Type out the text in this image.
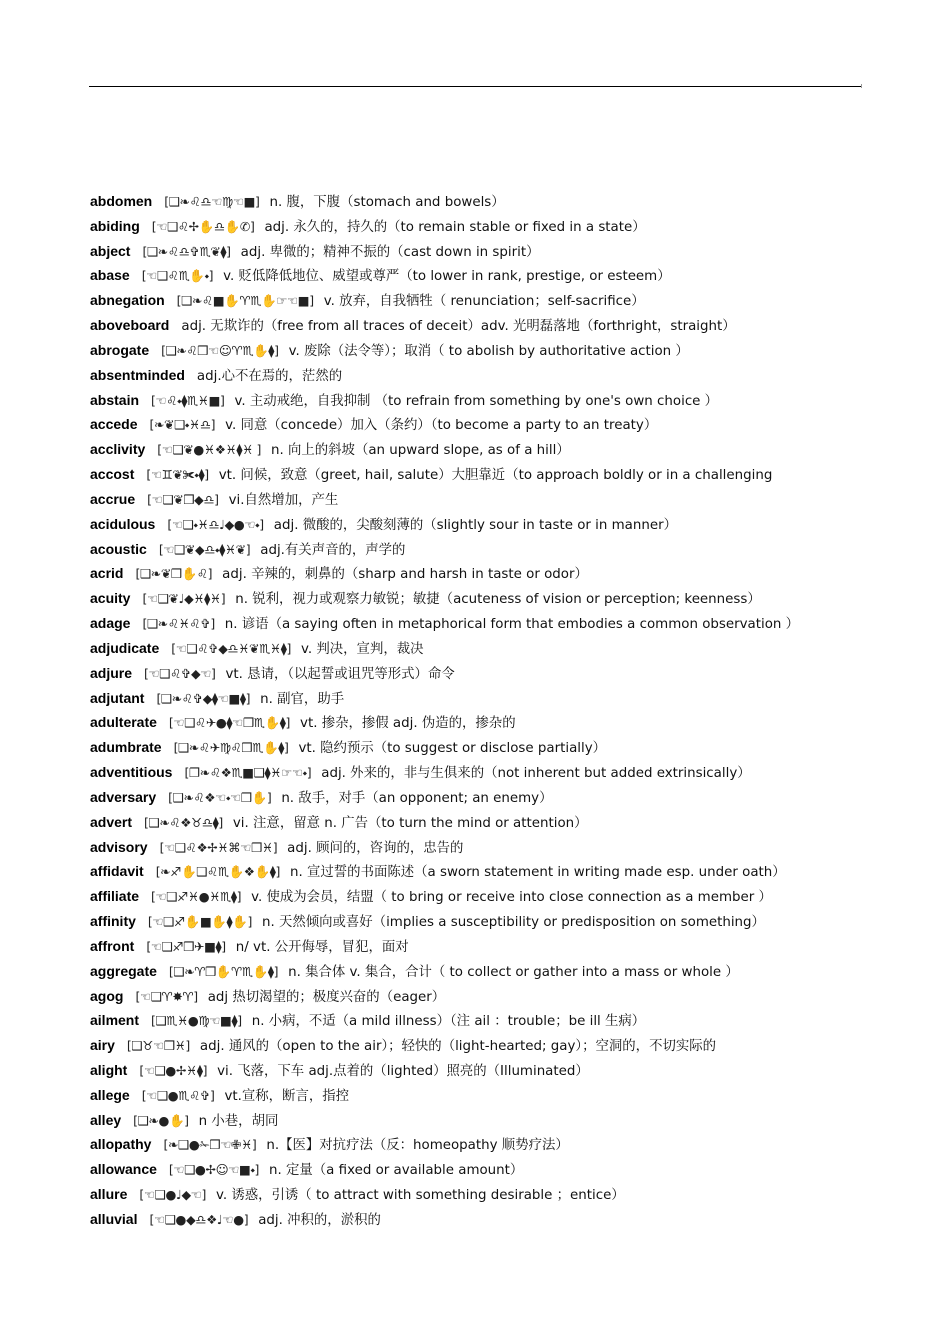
abdomen [❑❧♌♎☜♍☜■] n. 腹，下腹（stomach and bowels）
abiding [☜❑♌✢✋♎✋✆] adj. 永久的，持久的（to remain stable or fixed in a state）
abject [❑❧♌♎✞♏❦⧫] adj. 卑微的；精神不振的（cast down in spirit）
abase [☜❑♌♏✋⬩] v. 贬低降低地位、威望或尊严（to lower in rank, prestige, or esteem）
abnegation [❑❧♌■✋♈♏✋☞☜■] v. 放弃，自我牺牲（ renunciation；self-sacrifice）
aboveboard adj. 无欺诈的（free from all traces of deceit）adv. 光明磊落地（forthright，straight）
abrogate [❑❧♌❒☜☺♈♏✋⧫] v. 废除（法令等）；取消（ to abolish by authoritative action ）
absentminded adj.心不在焉的，茫然的
abstain [☜♌⬩⧫♏♓■] v. 主动戒绝，自我抑制 （to refrain from something by one's own choice ）
accede [❧❦❑⬩♓♎] v. 同意（concede）加入（条约）（to become a party to an treaty）
acclivity [☜❑❦●♓❖♓⧫♓ ] n. 向上的斜坡（an upward slope, as of a hill）
accost [☜♊❦✀⬩⧫] vt. 问候，致意（greet, hail, salute）大胆靠近（to approach boldly or in a challenging
accrue [☜❑❦❒◆♎] vi.自然增加，产生
acidulous [☜❑⬩♓♎♩◆●☜⬩] adj. 微酸的，尖酸刻薄的（slightly sour in taste or in manner）
acoustic [☜❑❦◆♎⬩⧫♓❦] adj.有关声音的，声学的
acrid [❑❧❦❒✋♌] adj. 辛辣的，刺鼻的（sharp and harsh in taste or odor）
acuity [☜❑❦♩◆♓⧫♓] n. 锐利，视力或观察力敏锐；敏捷（acuteness of vision or perception; keenness）
adage [❑❧♌♓♌✞] n. 谚语（a saying often in metaphorical form that embodies a common observation ）
adjudicate [☜❑♌✞◆♎♓❦♏♓⧫] v. 判决，宣判，裁决
adjure [☜❑♌✞◆☜] vt. 恳请，（以起誓或诅咒等形式）命令
adjutant [❑❧♌✞◆⧫☜■⧫] n. 副官，助手
adulterate [☜❑♌✈●⧫☜❒♏✋⧫] vt. 掺杂，掺假 adj. 伪造的，掺杂的
adumbrate [❑❧♌✈♍♌❒♏✋⧫] vt. 隐约预示（to suggest or disclose partially）
adventitious [❐❧♌❖♏■❑⧫♓☞☜⬩] adj. 外来的，非与生俱来的（not inherent but added extrinsically）
adversary [❑❧♌❖☜⬩☜❒✋] n. 敌手，对手（an opponent; an enemy）
advert [❑❧♌❖♉♎⧫] vi. 注意，留意 n. 广告（to turn the mind or attention）
advisory [☜❑♌❖✢♓⌘☜❒♓] adj. 顾问的，咨询的，忠告的
affidavit [❧♐✋❑♌♏✋❖✋⧫] n. 宣过誓的书面陈述（a sworn statement in writing made esp. under oath）
affiliate [☜❑♐♓●♓♏⧫] v. 使成为会员，结盟（ to bring or receive into close connection as a member ）
affinity [☜❑♐✋■✋⧫✋] n. 天然倾向或喜好（implies a susceptibility or predisposition on something）
affront [☜❑♐❒✈■⧫] n/ vt. 公开侮辱，冒犯，面对
aggregate [❑❧♈❒✋♈♏✋⧫] n. 集合体 v. 集合，合计（ to collect or gather into a mass or whole ）
agog [☜❑♈✸♈] adj 热切渴望的；极度兴奋的（eager）
ailment [❑♏♓●♍☜■⧫] n. 小病，不适（a mild illness）（注 ail ：trouble；be ill 生病）
airy [❑♉☜❒♓] adj. 通风的（open to the air）；轻快的（light-hearted; gay）；空洞的，不切实际的
alight [☜❑●✢♓⧫] vi. 飞落，下车 adj.点着的（lighted）照亮的（Illuminated）
allege [☜❑●♏♌✞] vt.宣称，断言，指控
alley [❑❧●✋] n 小巷，胡同
allopathy [❧❑●✁❒☜✙♓] n.【医】对抗疗法（反：homeopathy 顺势疗法）
allowance [☜❑●✢☺☜■⬩] n. 定量（a fixed or available amount）
allure [☜❑●♩◆☜] v. 诱惑，引诱（ to attract with something desirable ；entice）
alluvial [☜❑●◆♎❖♩☜●] adj. 冲积的，淤积的
